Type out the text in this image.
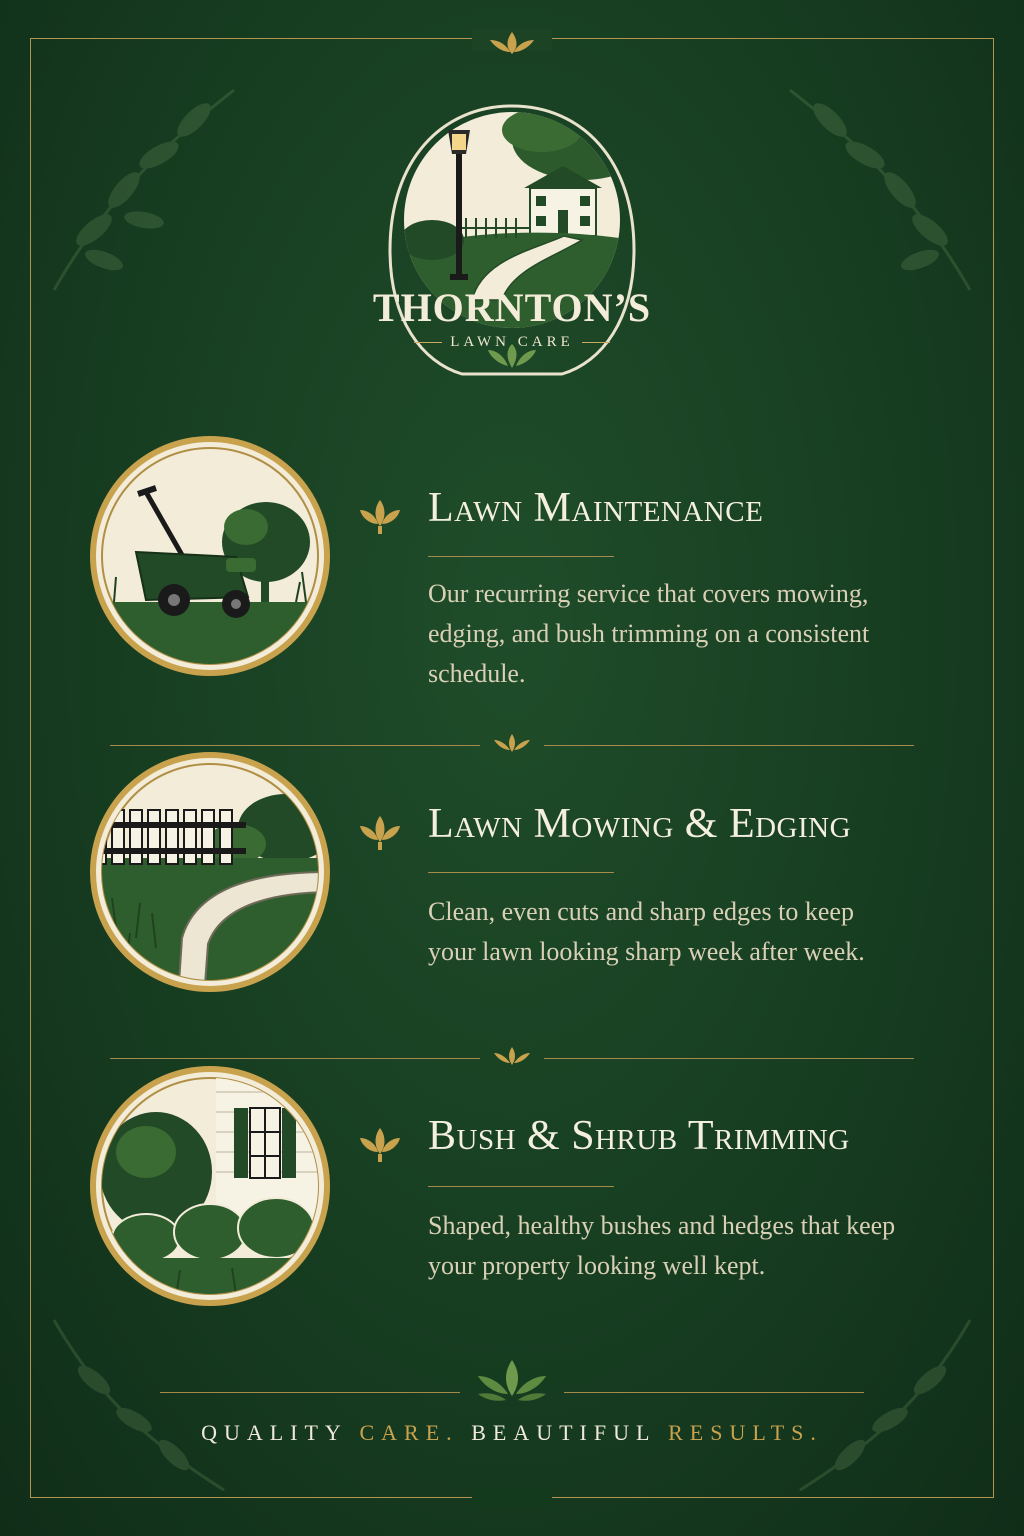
THORNTON’S
LAWN CARE
Lawn Maintenance
Our recurring service that covers mowing, edging, and bush trimming on a consistent schedule.
Lawn Mowing & Edging
Clean, even cuts and sharp edges to keep your lawn looking sharp week after week.
Bush & Shrub Trimming
Shaped, healthy bushes and hedges that keep your property looking well kept.
QUALITY CARE. BEAUTIFUL RESULTS.
